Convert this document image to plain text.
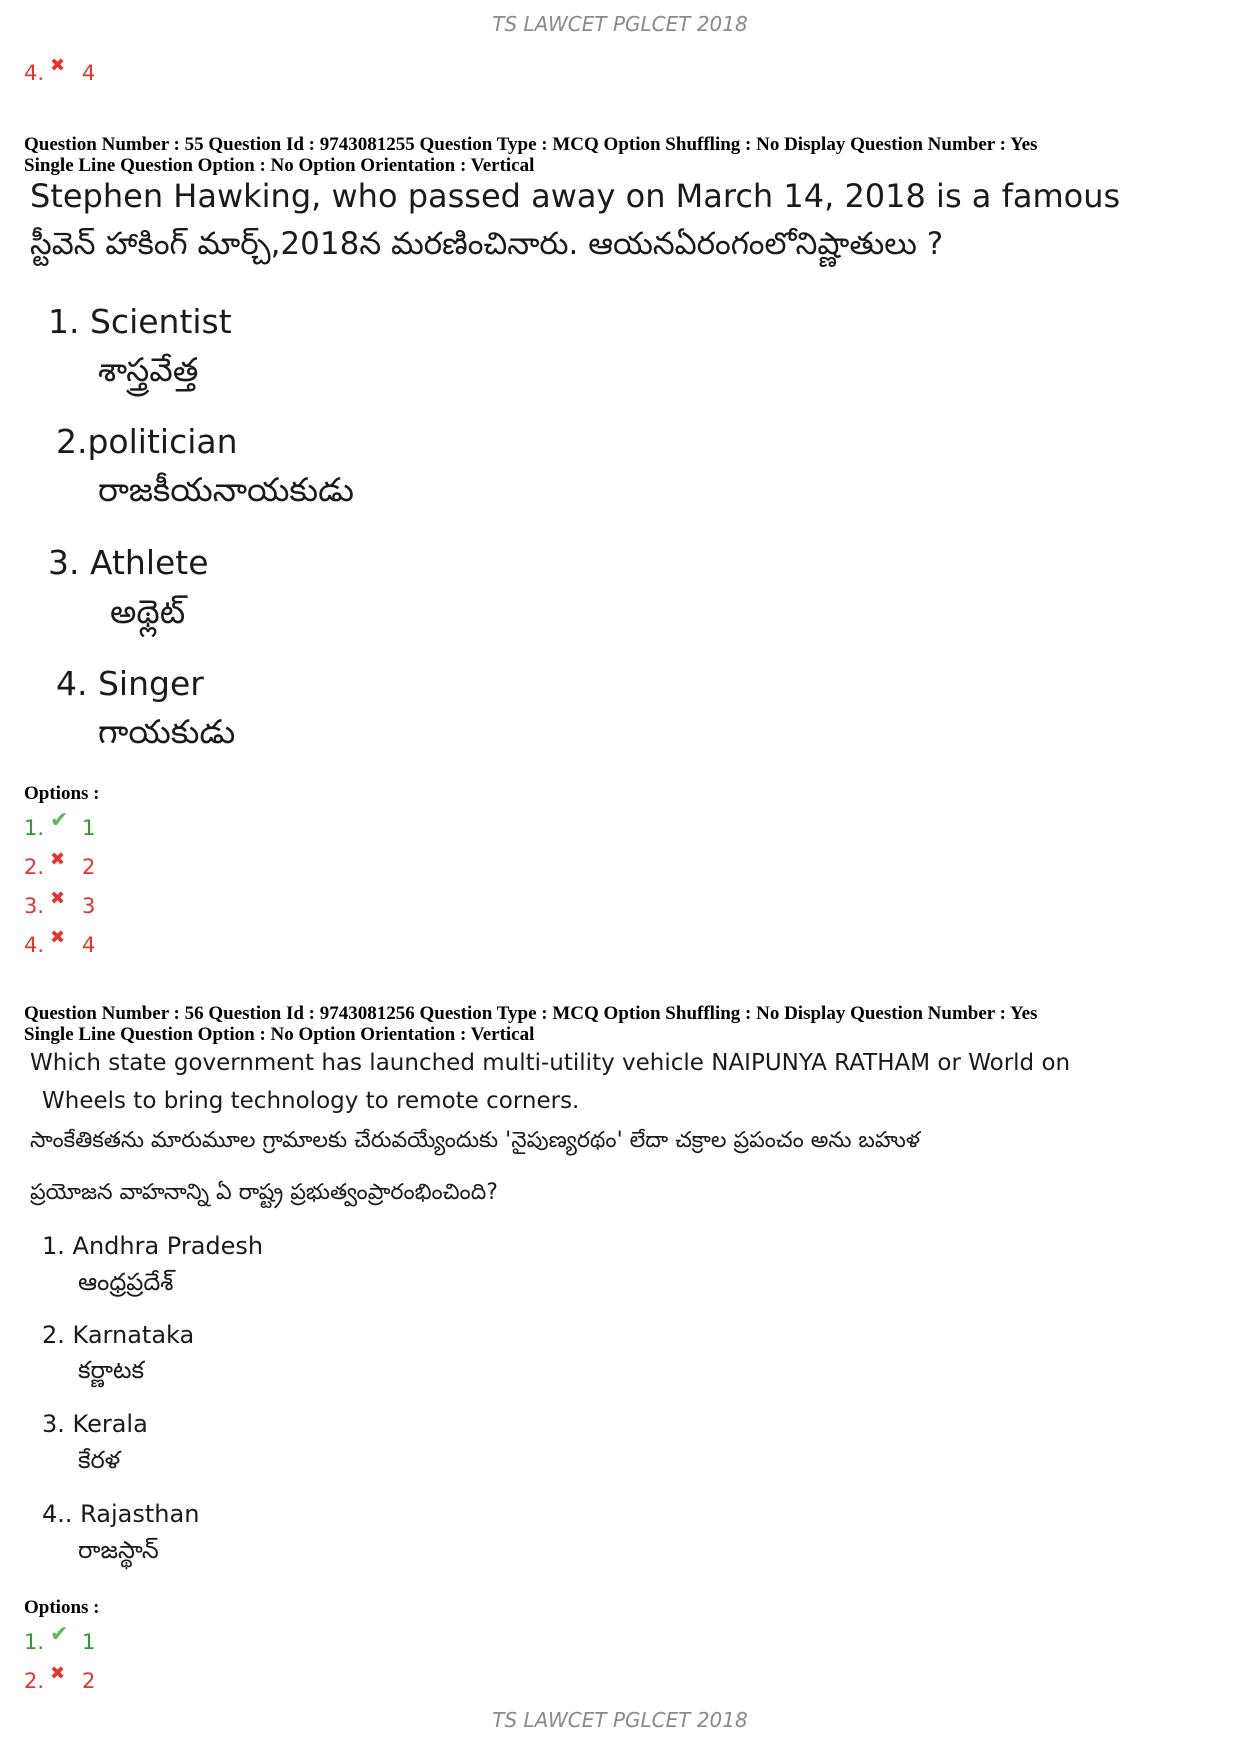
TS LAWCET PGLCET 2018
4. ✖ 4
Question Number : 55 Question Id : 9743081255 Question Type : MCQ Option Shuffling : No Display Question Number : Yes
Single Line Question Option : No Option Orientation : Vertical
Stephen Hawking, who passed away on March 14, 2018 is a famous
స్టీవెన్ హాకింగ్ మార్చ్,2018న మరణించినారు. ఆయనఏరంగంలోనిష్ణాతులు ?
1. Scientist
శాస్త్రవేత్త
2.politician
రాజకీయనాయకుడు
3. Athlete
అథ్లెట్
4. Singer
గాయకుడు
Options :
1. ✔ 1
2. ✖ 2
3. ✖ 3
4. ✖ 4
Question Number : 56 Question Id : 9743081256 Question Type : MCQ Option Shuffling : No Display Question Number : Yes
Single Line Question Option : No Option Orientation : Vertical
Which state government has launched multi-utility vehicle NAIPUNYA RATHAM or World on
Wheels to bring technology to remote corners.
సాంకేతికతను మారుమూల గ్రామాలకు చేరువయ్యేందుకు 'నైపుణ్యరథం' లేదా చక్రాల ప్రపంచం అను బహుళ
ప్రయోజన వాహనాన్ని ఏ రాష్ట్ర ప్రభుత్వంప్రారంభించింది?
1. Andhra Pradesh
ఆంధ్రప్రదేశ్
2. Karnataka
కర్ణాటక
3. Kerala
కేరళ
4.. Rajasthan
రాజస్థాన్
Options :
1. ✔ 1
2. ✖ 2
TS LAWCET PGLCET 2018
